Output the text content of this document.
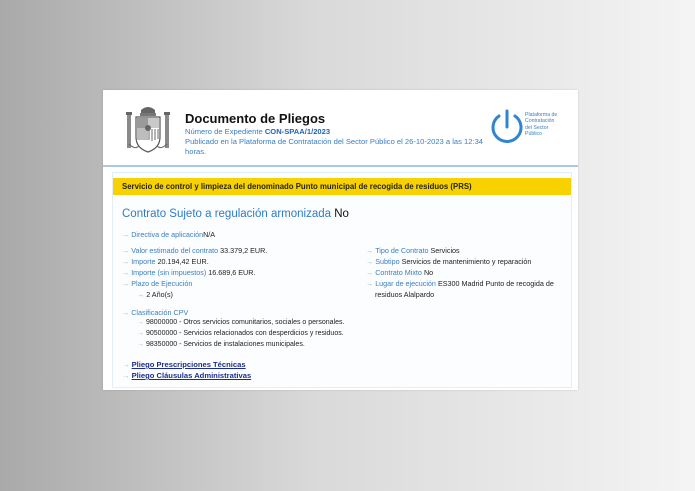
Documento de Pliegos
Número de Expediente CON-SPAA/1/2023
Publicado en la Plataforma de Contratación del Sector Público el 26-10-2023 a las 12:34 horas.
Plataforma de
Contratación
del Sector
Público
Servicio de control y limpieza del denominado Punto municipal de recogida de residuos (PRS)
Contrato Sujeto a regulación armonizada No
→ Directiva de aplicaciónN/A
→ Valor estimado del contrato 33.379,2 EUR.
→ Importe 20.194,42 EUR.
→ Importe (sin impuestos) 16.689,6 EUR.
→ Plazo de Ejecución
→ 2 Año(s)
→ Tipo de Contrato Servicios
→ Subtipo Servicios de mantenimiento y reparación
→ Contrato Mixto No
→ Lugar de ejecución ES300 Madrid Punto de recogida de
residuos Alalpardo
→ Clasificación CPV
→ 98000000 - Otros servicios comunitarios, sociales o personales.
→ 90500000 - Servicios relacionados con desperdicios y residuos.
→ 98350000 - Servicios de instalaciones municipales.
→ Pliego Prescripciones Técnicas
→ Pliego Cláusulas Administrativas
